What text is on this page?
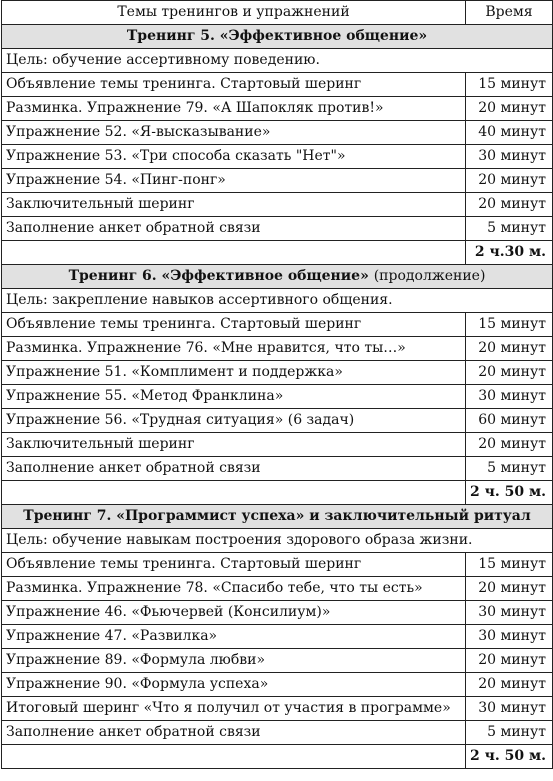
Темы тренингов и упражнений	Время
Тренинг 5. «Эффективное общение»	
Цель: обучение ассертивному поведению.	
Объявление темы тренинга. Стартовый шеринг	15 минут
Разминка. Упражнение 79. «А Шапокляк против!»	20 минут
Упражнение 52. «Я-высказывание»	40 минут
Упражнение 53. «Три способа сказать "Нет"»	30 минут
Упражнение 54. «Пинг-понг»	20 минут
Заключительный шеринг	20 минут
Заполнение анкет обратной связи	5 минут
	2 ч.30 м.
Тренинг 6. «Эффективное общение» (продолжение)	
Цель: закрепление навыков ассертивного общения.	
Объявление темы тренинга. Стартовый шеринг	15 минут
Разминка. Упражнение 76. «Мне нравится, что ты…»	20 минут
Упражнение 51. «Комплимент и поддержка»	20 минут
Упражнение 55. «Метод Франклина»	30 минут
Упражнение 56. «Трудная ситуация» (6 задач)	60 минут
Заключительный шеринг	20 минут
Заполнение анкет обратной связи	5 минут
	2 ч. 50 м.
Тренинг 7. «Программист успеха» и заключительный ритуал	
Цель: обучение навыкам построения здорового образа жизни.	
Объявление темы тренинга. Стартовый шеринг	15 минут
Разминка. Упражнение 78. «Спасибо тебе, что ты есть»	20 минут
Упражнение 46. «Фьючервей (Консилиум)»	30 минут
Упражнение 47. «Развилка»	30 минут
Упражнение 89. «Формула любви»	20 минут
Упражнение 90. «Формула успеха»	20 минут
Итоговый шеринг «Что я получил от участия в программе»	30 минут
Заполнение анкет обратной связи	5 минут
	2 ч. 50 м.
